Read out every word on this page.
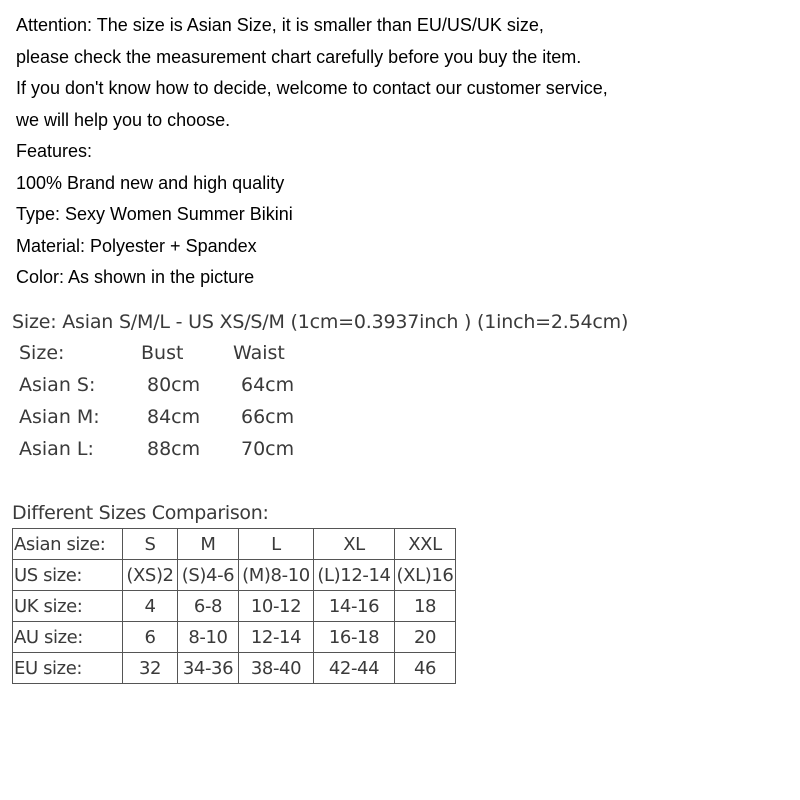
Attention: The size is Asian Size, it is smaller than EU/US/UK size,
please check the measurement chart carefully before you buy the item.
If you don't know how to decide, welcome to contact our customer service,
we will help you to choose.
Features:
100% Brand new and high quality
Type: Sexy Women Summer Bikini
Material: Polyester + Spandex
Color: As shown in the picture
Size: Asian S/M/L - US XS/S/M (1cm=0.3937inch ) (1inch=2.54cm)
Size:	Bust	Waist
Asian S:	80cm	64cm
Asian M:	84cm	66cm
Asian L:	88cm	70cm
Different Sizes Comparison:
Asian size:	S	M	L	XL	XXL
US size:	(XS)2	(S)4-6	(M)8-10	(L)12-14	(XL)16
UK size:	4	6-8	10-12	14-16	18
AU size:	6	8-10	12-14	16-18	20
EU size:	32	34-36	38-40	42-44	46
